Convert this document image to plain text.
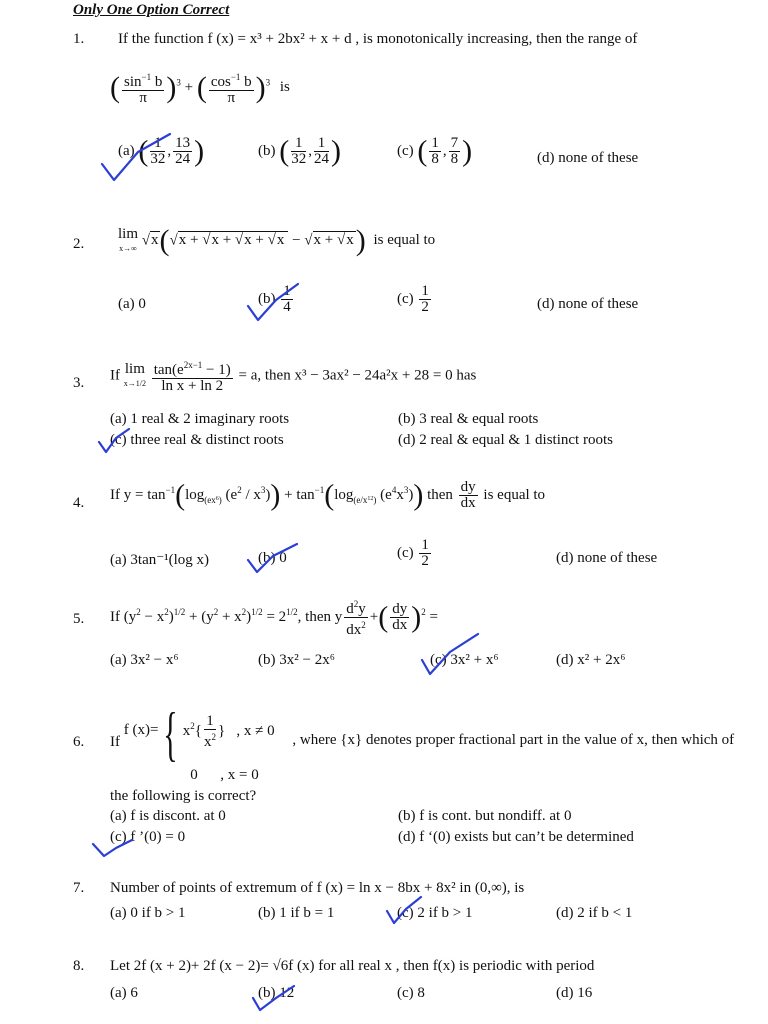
Only One Option Correct
1. If the function f (x) = x³ + 2bx² + x + d , is monotonically increasing, then the range of
( $\frac{\sin^{-1} b}{\pi} )^3$ + ( $\frac{\cos^{-1} b}{\pi} )^3$ is
(a) ( $\frac{1}{32}$ , $\frac{13}{24}$ )	(b) ( $\frac{1}{32}$ , $\frac{1}{24}$ )	(c) ( $\frac{1}{8}$ , $\frac{7}{8}$ )	(d) none of these
2.
lim
x→∞ √x(√x + √x + √x + √x − √x + √x) is equal to
(a) 0	$(b) \frac{1}{4}$	$(c) \frac{1}{2}$	(d) none of these
3. If lim
$x\to 1/2 \frac{\tan(e^{2x-1} - 1)}{\text{ln x + ln 2}} = a$, then x³ − 3ax² − 24a²x + 28 = 0 has
(a) 1 real & 2 imaginary roots	(b) 3 real & equal roots
(c) three real & distinct roots	(d) 2 real & equal & 1 distinct roots
4.
If $y = \tan^{-1}(\log_{(ex^6)}$ $(e^2 / x^3)) + \tan^{-1}(\log_{(e/x^{12})}$ $(e^4x^3)$) then $\frac{dy}{dx}$ is equal to
(a) 3tan⁻¹(log x)	(b) 0	$(c) \frac{1}{2}$	(d) none of these
5. If $(y^2 - x^2)^{1/2} + (y^2 + x^2)^{1/2} = 2^{1/2}$, then y $\frac{d^2y}{dx^2}$ +( $\frac{dy}{dx} )^2$ =
(a) 3x² − x⁶	(b) 3x² − 2x⁶	(c) 3x² + x⁶	(d) x² + 2x⁶
6. If f (x)= { $x^2\{ \frac{1}{x^2}$ }   , x ≠ 0
0      , x = 0 , where {x} denotes proper fractional part in the value of x, then which of
the following is correct?
(a) f is discont. at 0	(b) f is cont. but nondiff. at 0
(c) f ’(0) = 0	(d) f ‘(0) exists but can’t be determined
7. Number of points of extremum of f (x) = ln x − 8bx + 8x² in (0,∞), is
(a) 0 if b > 1	(b) 1 if b = 1	(c) 2 if b > 1	(d) 2 if b < 1
8. Let 2f (x + 2)+ 2f (x − 2)= √6f (x) for all real x , then f(x) is periodic with period
(a) 6	(b) 12	(c) 8	(d) 16
